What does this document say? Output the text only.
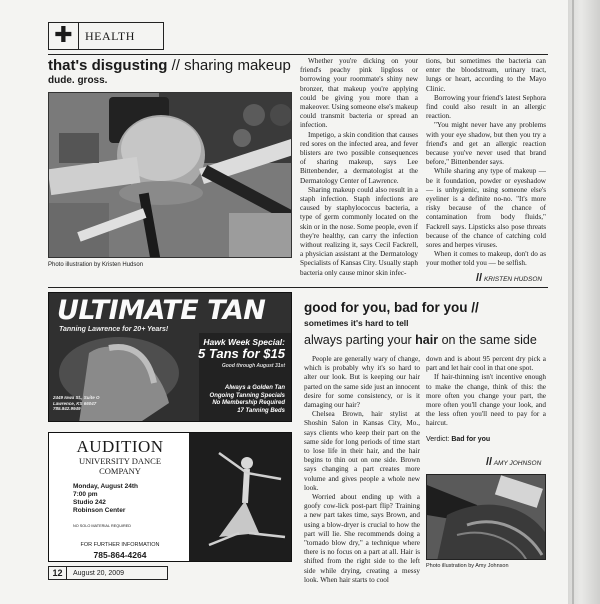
✚	HEALTH
that's disgusting // sharing makeup
dude. gross.
Photo illustration by Kristen Hudson

Whether you're dicking on your friend's peachy pink lipgloss or borrowing your roommate's shiny new bronzer, that makeup you're applying could be giving you more than a makeover. Using someone else's makeup could transmit bacteria or spread an infection.

Impetigo, a skin condition that causes red sores on the infected area, and fever blisters are two possible consequences of sharing makeup, says Lee Bittenbender, a dermatologist at the Dermatology Center of Lawrence.

Sharing makeup could also result in a staph infection. Staph infections are caused by staphylococcus bacteria, a type of germ commonly located on the skin or in the nose. Some people, even if they're healthy, can carry the infection without realizing it, says Cecil Fackrell, a physician assistant at the Dermatology Specialists of Kansas City. Usually staph bacteria only cause minor skin infec-

tions, but sometimes the bacteria can enter the bloodstream, urinary tract, lungs or heart, according to the Mayo Clinic.

Borrowing your friend's latest Sephora find could also result in an allergic reaction.

"You might never have any problems with your eye shadow, but then you try a friend's and get an allergic reaction because you've never used that brand before," Bittenbender says.

While sharing any type of makeup — be it foundation, powder or eyeshadow — is unhygienic, using someone else's eyeliner is a definite no-no. "It's more risky because of the chance of contamination from body fluids," Fackrell says. Lipsticks also pose threats because of the chance of catching cold sores and herpes viruses.

When it comes to makeup, don't do as your mother told you — be selfish.

// KRISTEN HUDSON
ULTIMATE TAN
Tanning Lawrence for 20+ Years!
Hawk Week Special:
5 Tans for $15
Good through August 31st
Always a Golden Tan
Ongoing Tanning Specials
No Membership Required
17 Tanning Beds
2449 Iowa St., Suite O
Lawrence, KS 66047
785.842.9949
AUDITION
UNIVERSITY DANCE
COMPANY
Monday, August 24th
7:00 pm
Studio 242
Robinson Center
NO SOLO MATERIAL REQUIRED
FOR FURTHER INFORMATION
785-864-4264
12	August 20, 2009
good for you, bad for you //
sometimes it's hard to tell
always parting your hair on the same side

People are generally wary of change, which is probably why it's so hard to alter our look. But is keeping our hair parted on the same side just an innocent desire for some consistency, or is it damaging our hair?

Chelsea Brown, hair stylist at Shoshin Salon in Kansas City, Mo., says clients who keep their part on the same side for long periods of time start to lose life in their hair, and the hair begins to thin out on one side. Brown says changing a part creates more volume and gives people a whole new look.

Worried about ending up with a goofy cow-lick post-part flip? Training a new part takes time, says Brown, and using a blow-dryer is crucial to how the part will lie. She recommends doing a "tornado blow dry," a technique where there is no focus on a part at all. Hair is shifted from the right side to the left side while drying, creating a messy look. When hair starts to cool

down and is about 95 percent dry pick a part and let hair cool in that one spot.

If hair-thinning isn't incentive enough to make the change, think of this: the more often you change your part, the more often you'll change your look, and the less often you'll need to pay for a haircut.

Verdict: Bad for you
// AMY JOHNSON
Photo illustration by Amy Johnson
